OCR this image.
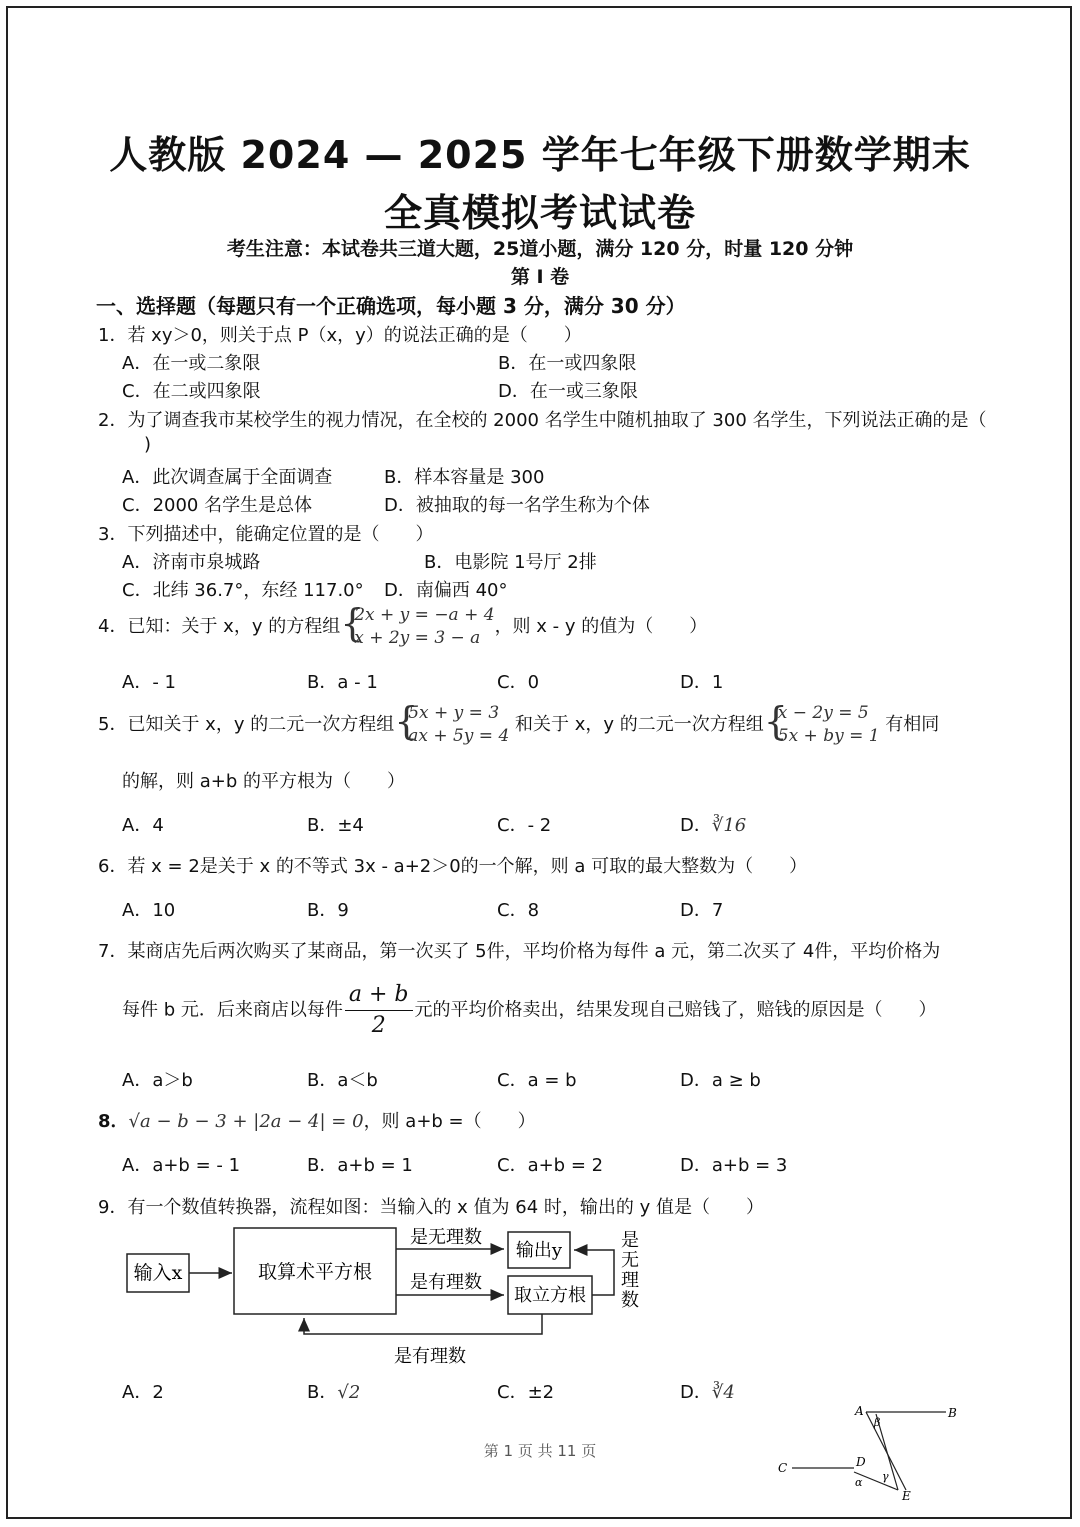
人教版 2024 — 2025 学年七年级下册数学期末
全真模拟考试试卷
考生注意：本试卷共三道大题，25道小题，满分 120 分，时量 120 分钟
第 Ⅰ 卷
一、选择题（每题只有一个正确选项，每小题 3 分，满分 30 分）
1．若 xy＞0，则关于点 P（x，y）的说法正确的是（　　）
A．在一或二象限	B．在一或四象限
C．在二或四象限	D．在一或三象限
2．为了调查我市某校学生的视力情况，在全校的 2000 名学生中随机抽取了 300 名学生，下列说法正确的是（
)
A．此次调查属于全面调查	B．样本容量是 300
C．2000 名学生是总体	D．被抽取的每一名学生称为个体
3．下列描述中，能确定位置的是（　　）
A．济南市泉城路	B．电影院 1号厅 2排
C．北纬 36.7°，东经 117.0° D．南偏西 40°
4．已知：关于 x，y 的方程组 {
2x + y = −a + 4
x + 2y = 3 − a
，则 x - y 的值为（　　）
A．- 1	B．a - 1	C．0	D．1
5．已知关于 x，y 的二元一次方程组 {
5x + y = 3
ax + 5y = 4
和关于 x，y 的二元一次方程组 {
x − 2y = 5
5x + by = 1
有相同
的解，则 a+b 的平方根为（　　）
A．4	B．±4	C．- 2	D．∛16
6．若 x = 2是关于 x 的不等式 3x - a+2＞0的一个解，则 a 可取的最大整数为（　　）
A．10	B．9	C．8	D．7
7．某商店先后两次购买了某商品，第一次买了 5件，平均价格为每件 a 元，第二次买了 4件，平均价格为
每件 b 元．后来商店以每件 $\frac{a + b}{2}$ 元的平均价格卖出，结果发现自己赔钱了，赔钱的原因是（　　）
A．a＞b	B．a＜b	C．a = b	D．a ≥ b
8．√a − b − 3 + |2a − 4| = 0，则 a+b =（　　）
A．a+b = - 1	B．a+b = 1	C．a+b = 2	D．a+b = 3
9．有一个数值转换器，流程如图：当输入的 x 值为 64 时，输出的 y 值是（　　）
输入x	取算术平方根
是无理数
输出y
是有理数
取立方根
是
无
理
数
是有理数
A．2	B．√2	C．±2	D．∛4
A	B
C	D
E
α
β
γ
第 1 页 共 11 页
